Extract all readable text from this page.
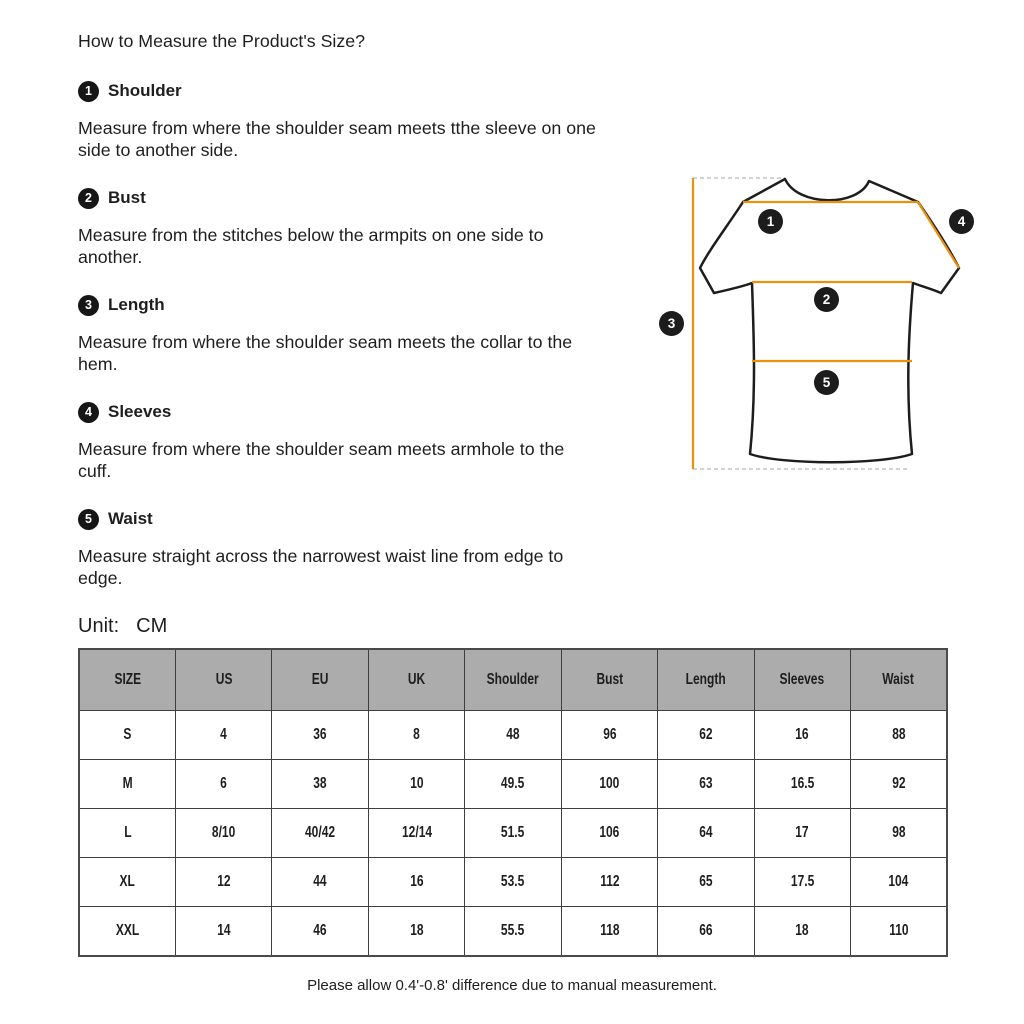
How to Measure the Product's Size?
1 Shoulder

Measure from where the shoulder seam meets tthe sleeve on one side to another side.

2 Bust

Measure from the stitches below the armpits on one side to another.

3 Length

Measure from where the shoulder seam meets the collar to the hem.

4 Sleeves

Measure from where the shoulder seam meets armhole to the cuff.

5 Waist

Measure straight across the narrowest waist line from edge to edge.

Unit: CM
1
2
3
4
5
SIZE	US	EU	UK	Shoulder	Bust	Length	Sleeves	Waist
S	4	36	8	48	96	62	16	88
M	6	38	10	49.5	100	63	16.5	92
L	8/10	40/42	12/14	51.5	106	64	17	98
XL	12	44	16	53.5	112	65	17.5	104
XXL	14	46	18	55.5	118	66	18	110
Please allow 0.4'-0.8' difference due to manual measurement.
